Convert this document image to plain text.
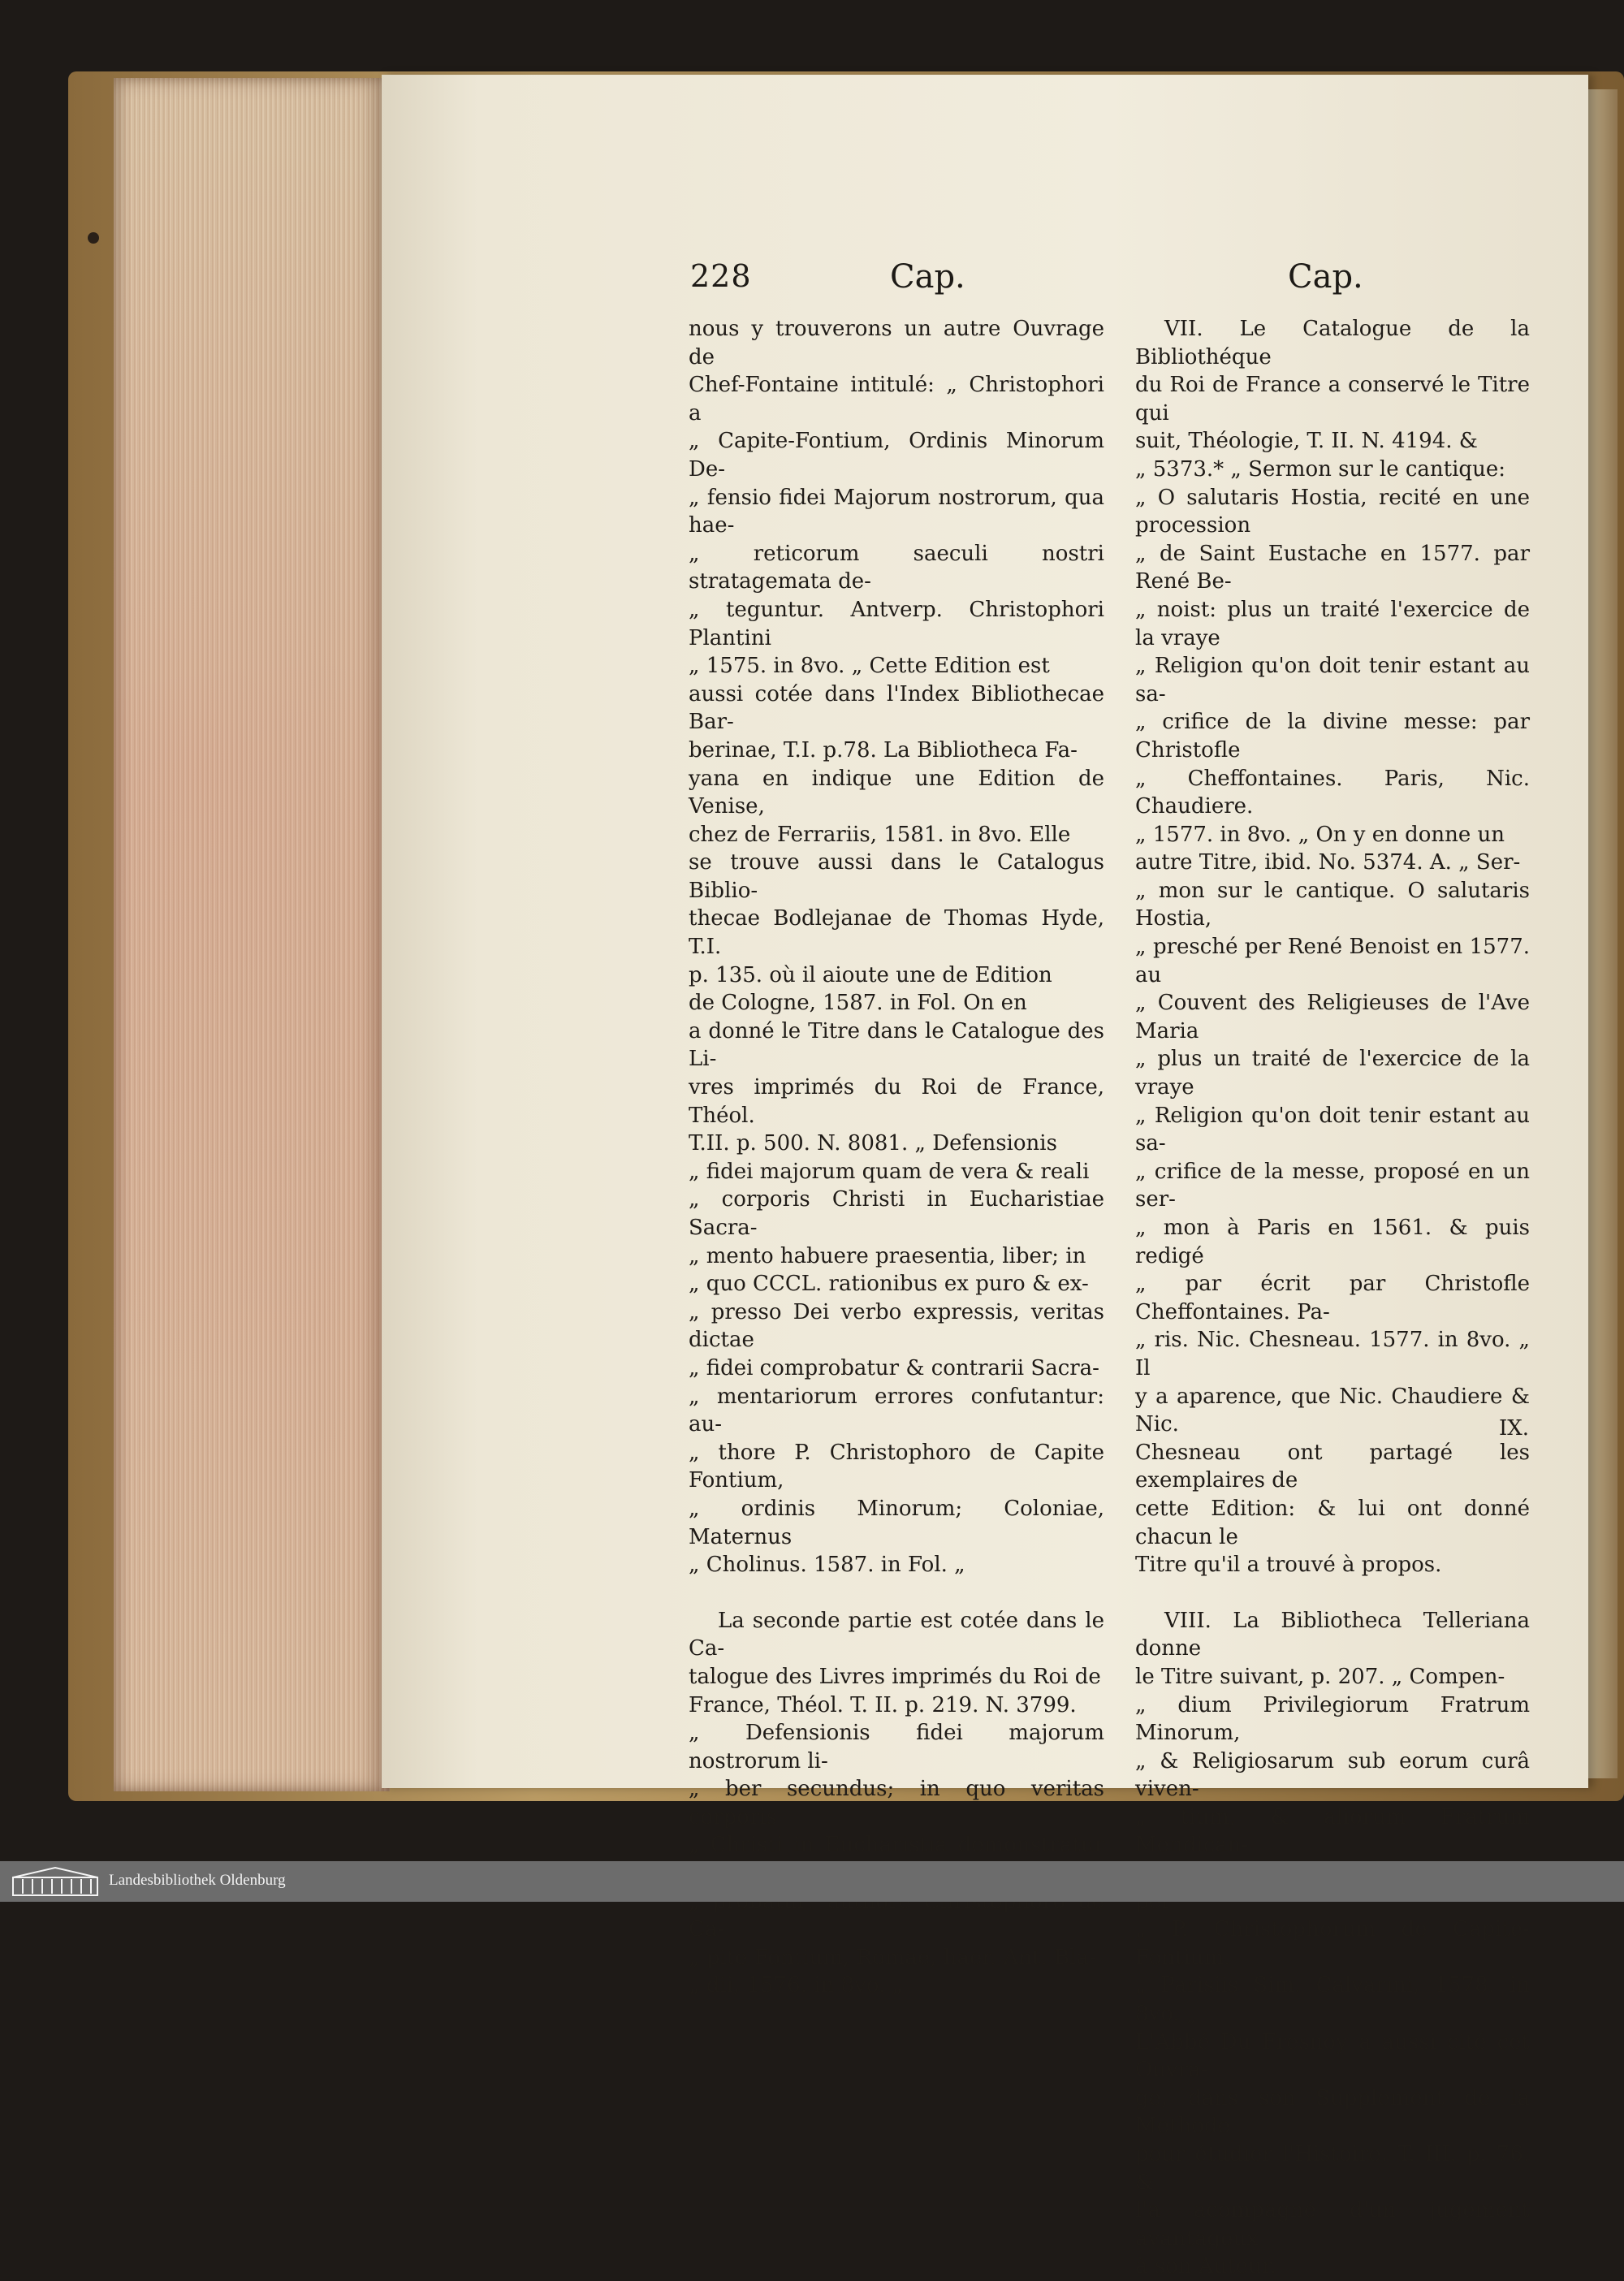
228	Cap.	Cap.

nous y trouverons un autre Ouvrage de
Chef-Fontaine intitulé: „ Christophori a
„ Capite-Fontium, Ordinis Minorum De-
„ fensio fidei Majorum nostrorum, qua hae-
„ reticorum saeculi nostri stratagemata de-
„ teguntur. Antverp. Christophori Plantini
„ 1575. in 8vo. „ Cette Edition est
aussi cotée dans l'Index Bibliothecae Bar-
berinae, T.I. p.78. La Bibliotheca Fa-
yana en indique une Edition de Venise,
chez de Ferrariis, 1581. in 8vo. Elle
se trouve aussi dans le Catalogus Biblio-
thecae Bodlejanae de Thomas Hyde, T.I.
p. 135. où il aioute une de Edition
de Cologne, 1587. in Fol. On en
a donné le Titre dans le Catalogue des Li-
vres imprimés du Roi de France, Théol.
T.II. p. 500. N. 8081. „ Defensionis
„ fidei majorum quam de vera & reali
„ corporis Christi in Eucharistiae Sacra-
„ mento habuere praesentia, liber; in
„ quo CCCL. rationibus ex puro & ex-
„ presso Dei verbo expressis, veritas dictae
„ fidei comprobatur & contrarii Sacra-
„ mentariorum errores confutantur: au-
„ thore P. Christophoro de Capite Fontium,
„ ordinis Minorum; Coloniae, Maternus
„ Cholinus. 1587. in Fol. „

La seconde partie est cotée dans le Ca-
talogue des Livres imprimés du Roi de
France, Théol. T. II. p. 219. N. 3799.
„ Defensionis fidei majorum nostrorum li-
„ ber secundus; in quo veritas corporis
„ Christi in Eucharistia demonstratur
Ca-
„ pite Fontium, Romae, haer. Ant. Bla-
„ dii, 1576. in 8vo. „

VII. Le Catalogue de la Bibliothéque
du Roi de France a conservé le Titre qui
suit, Théologie, T. II. N. 4194. &
„ 5373.* „ Sermon sur le cantique:
„ O salutaris Hostia, recité en une procession
„ de Saint Eustache en 1577. par René Be-
„ noist: plus un traité l'exercice de la vraye
„ Religion qu'on doit tenir estant au sa-
„ crifice de la divine messe: par Christofle
„ Cheffontaines. Paris, Nic. Chaudiere.
„ 1577. in 8vo. „ On y en donne un
autre Titre, ibid. No. 5374. A. „ Ser-
„ mon sur le cantique. O salutaris Hostia,
„ presché per René Benoist en 1577. au
„ Couvent des Religieuses de l'Ave Maria
„ plus un traité de l'exercice de la vraye
„ Religion qu'on doit tenir estant au sa-
„ crifice de la messe, proposé en un ser-
„ mon à Paris en 1561. & puis redigé
„ par écrit par Christofle Cheffontaines. Pa-
„ ris. Nic. Chesneau. 1577. in 8vo. „ Il
y a aparence, que Nic. Chaudiere & Nic.
Chesneau ont partagé les exemplaires de
cette Edition: & lui ont donné chacun le
Titre qu'il a trouvé à propos.

VIII. La Bibliotheca Telleriana donne
le Titre suivant, p. 207. „ Compen-
„ dium Privilegiorum Fratrum Minorum,
„ & Religiosarum sub eorum curâ viven-
„ tium, & aliorum Fratrum Mendican-

„ P. Christophorum de Capite-Fontium.
„ Parisiis Sim. Calvarini, 1578. in 8vo. „
L'Abbé Du Fresnoy a aussi cité cet Ouvra-
ge, dans son Supplement de la Methode
pour étudier l'Histoire, T. III. p. 76. &
l'a acompagné d'un jugement avantageux
à son Auteur.

IX.
Landesbibliothek Oldenburg
